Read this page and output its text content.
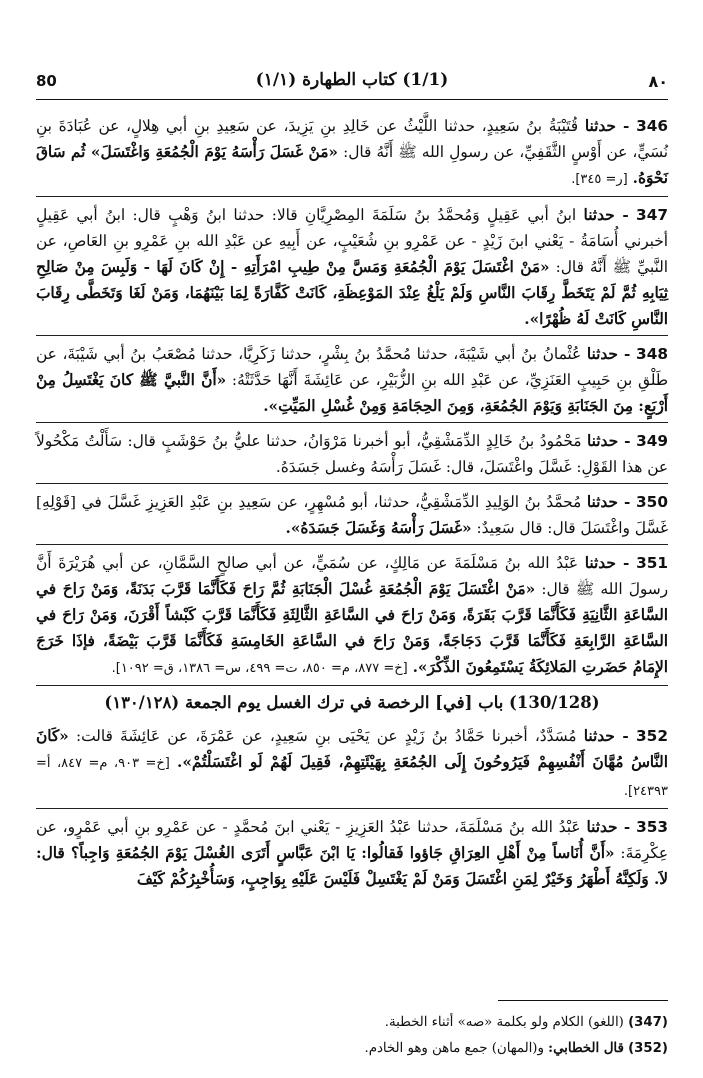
80	(1/1) كتاب الطهارة (١/١)	٨٠

346 - حدثنا قُتَيْبَةُ بنُ سَعِيدٍ، حدثنا اللَّيْثُ عن خَالِدِ بنِ يَزِيدَ، عن سَعِيدِ بنِ أبي هِلالٍ، عن عُبَادَةَ بنِ نُسَيٍّ، عن أَوْسٍ الثَّقَفِيِّ، عن رسولِ الله ﷺ أَنَّهُ قال: «مَنْ غَسَلَ رَأْسَهُ يَوْمَ الْجُمُعَةِ وَاغْتَسَلَ» ثُم سَاقَ نَحْوَهُ. [ر= ٣٤٥].

347 - حدثنا ابنُ أبي عَقِيلٍ وَمُحمَّدُ بنُ سَلَمَةَ المِصْرِيَّانِ قالا: حدثنا ابنُ وَهْبٍ قال: ابنُ أبي عَقِيلٍ أخبرني أُسَامَةُ - يَعْني ابنَ زَيْدٍ - عن عَمْرِو بنِ شُعَيْبٍ، عن أَبِيهِ عن عَبْدِ الله بنِ عَمْرِو بنِ العَاصِ، عن النَّبيِّ ﷺ أَنَّهُ قال: «مَنْ اغْتَسَلَ يَوْمَ الْجُمُعَةِ وَمَسَّ مِنْ طِيبِ امْرَأَتِهِ - إِنْ كَانَ لَهَا - وَلَبِسَ مِنْ صَالِحِ ثِيَابِهِ ثُمَّ لَمْ يَتَخَطَّ رِقَابَ النَّاسِ وَلَمْ يَلْغُ عِنْدَ المَوْعِظَةِ، كَانَتْ كَفَّارَةً لِمَا بَيْنَهُمَا، وَمَنْ لَغَا وَتَخَطَّى رِقَابَ النَّاسِ كَانَتْ لَهُ ظُهْرًا».

348 - حدثنا عُثْمانُ بنُ أبي شَيْبَةَ، حدثنا مُحمَّدُ بنُ بِشْرٍ، حدثنا زَكَرِيَّا، حدثنا مُصْعَبُ بنُ أبي شَيْبَةَ، عن طَلْقِ بنِ حَبِيبٍ العَنَزِيِّ، عن عَبْدِ الله بنِ الزُّبَيْرِ، عن عَائِشَةَ أَنَّهَا حَدَّثَتْهُ: «أَنَّ النَّبيَّ ﷺ كانَ يَغْتَسِلُ مِنْ أَرْبَعٍ: مِنَ الجَنَابَةِ وَيَوْمَ الجُمُعَةِ، وَمِنَ الحِجَامَةِ وَمِنْ غُسْلِ المَيِّتِ».

349 - حدثنا مَحْمُودُ بنُ خَالِدٍ الدِّمَشْقِيُّ، أبو أخبرنا مَرْوَانُ، حدثنا عليُّ بنُ حَوْشَبٍ قال: سَأَلْتُ مَكْحُولاً عن هذا القَوْلِ: غَسَّلَ واغْتَسَلَ، قال: غَسَلَ رَأْسَهُ وغسل جَسَدَهُ.

350 - حدثنا مُحمَّدُ بنُ الوَلِيدِ الدِّمَشْقِيُّ، حدثنا، أبو مُسْهِرٍ، عن سَعِيدِ بنِ عَبْدِ العَزِيزِ غَسَّلَ في [قَوْلِهِ] غَسَّلَ واغْتَسَلَ قال: قال سَعِيدٌ: «غَسَلَ رَأْسَهُ وَغَسَلَ جَسَدَهُ».

351 - حدثنا عَبْدُ الله بنُ مَسْلَمَةَ عن مَالِكٍ، عن سُمَيٍّ، عن أبي صالحٍ السَّمَّانِ، عن أبي هُرَيْرَةَ أَنَّ رسولَ الله ﷺ قال: «مَنْ اغْتَسَلَ يَوْمَ الْجُمُعَةِ غُسْلَ الْجَنَابَةِ ثُمَّ رَاحَ فَكَأَنَّمَا قَرَّبَ بَدَنَةً، وَمَنْ رَاحَ في السَّاعَةِ الثَّانِيَةِ فَكَأَنَّمَا قَرَّبَ بَقَرَةً، وَمَنْ رَاحَ في السَّاعَةِ الثَّالِثَةِ فَكَأَنَّمَا قَرَّبَ كَبْشاً أَقْرَنَ، وَمَنْ رَاحَ في السَّاعَةِ الرَّابِعَةِ فَكَأَنَّمَا قَرَّبَ دَجَاجَةً، وَمَنْ رَاحَ في السَّاعَةِ الخَامِسَةِ فَكَأَنَّمَا قَرَّبَ بَيْضَةً، فإذَا خَرَجَ الإِمَامُ حَضَرتِ المَلائِكَةُ يَسْتَمِعُونَ الذِّكْرَ». [خ= ٨٧٧، م= ٨٥٠، ت= ٤٩٩، س= ١٣٨٦، ق= ١٠٩٢].

(130/128) باب [في] الرخصة في ترك الغسل يوم الجمعة (١٣٠/١٢٨)

352 - حدثنا مُسَدَّدٌ، أخبرنا حَمَّادُ بنُ زَيْدٍ عن يَحْيَى بنِ سَعِيدٍ، عن عَمْرَةَ، عن عَائِشَةَ قالت: «كَانَ النَّاسُ مُهَّانَ أَنْفُسِهِمْ فَيَرُوحُونَ إِلَى الجُمُعَةِ بِهَيْئَتِهِمْ، فَقِيلَ لَهُمْ لَو اغْتَسَلْتُمْ». [خ= ٩٠٣، م= ٨٤٧، أ= ٢٤٣٩٣].

353 - حدثنا عَبْدُ الله بنُ مَسْلَمَةَ، حدثنا عَبْدُ العَزِيزِ - يَعْني ابنَ مُحمَّدٍ - عن عَمْرِو بنِ أبي عَمْرٍو، عن عِكْرِمَةَ: «أَنَّ أُنَاساً مِنْ أَهْلِ العِرَاقِ جَاؤوا فَقالُوا: يَا ابْنَ عَبَّاسٍ أَتَرَى الغُسْلَ يَوْمَ الجُمُعَةِ وَاجِباً؟ قال: لاَ. وَلَكِنَّهُ أَطْهَرُ وَخَيْرٌ لِمَنِ اغْتَسَلَ وَمَنْ لَمْ يَغْتَسِلْ فَلَيْسَ عَلَيْهِ بِوَاجِبٍ، وَسَأُخْبِرُكُمْ كَيْفَ

(347) (اللغو) الكلام ولو بكلمة «صه» أثناء الخطبة.

(352) قال الخطابي: و(المهان) جمع ماهن وهو الخادم.
